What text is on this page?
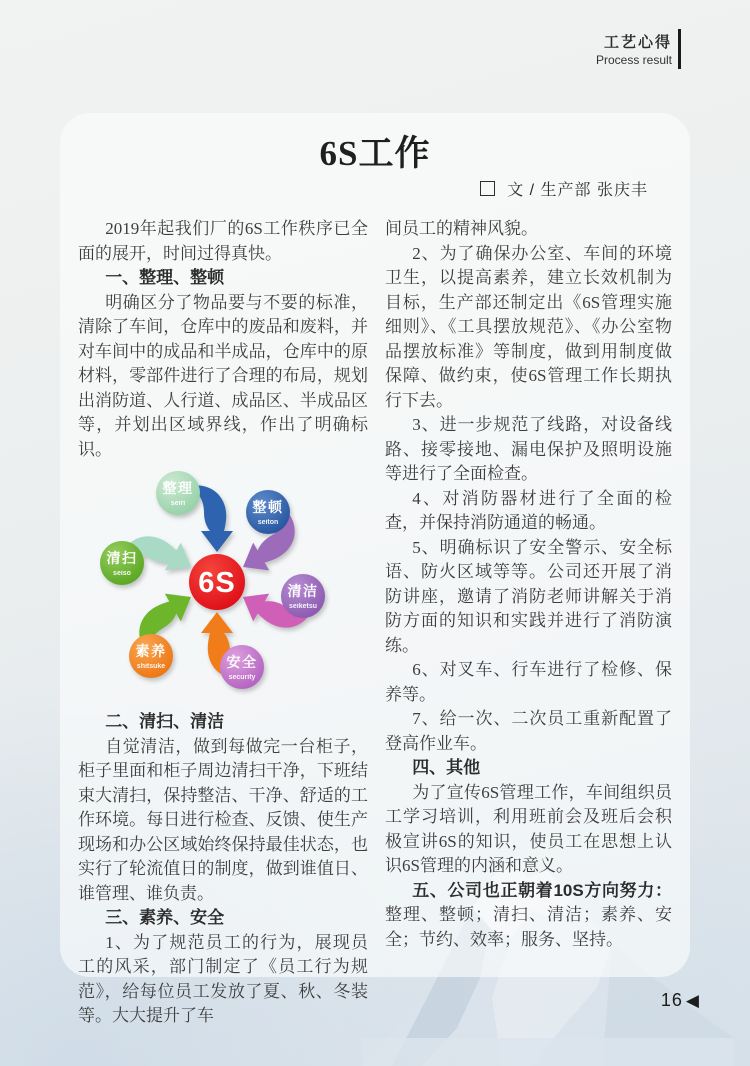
工艺心得
Process result
6S工作
文 / 生产部 张庆丰

2019年起我们厂的6S工作秩序已全面的展开，时间过得真快。

一、整理、整顿

明确区分了物品要与不要的标准，清除了车间，仓库中的废品和废料，并对车间中的成品和半成品，仓库中的原材料，零部件进行了合理的布局，规划出消防道、人行道、成品区、半成品区等，并划出区域界线，作出了明确标识。

整理
seiri	整顿
seiton
清扫
seiso
清洁
seiketsu
素养
shitsuke	安全
security
6S

二、清扫、清洁

自觉清洁，做到每做完一台柜子，柜子里面和柜子周边清扫干净，下班结束大清扫，保持整洁、干净、舒适的工作环境。每日进行检查、反馈、使生产现场和办公区域始终保持最佳状态，也实行了轮流值日的制度，做到谁值日、谁管理、谁负责。

三、素养、安全

1、为了规范员工的行为，展现员工的风采，部门制定了《员工行为规范》，给每位员工发放了夏、秋、冬装等。大大提升了车

间员工的精神风貌。

2、为了确保办公室、车间的环境卫生，以提高素养，建立长效机制为目标，生产部还制定出《6S管理实施细则》、《工具摆放规范》、《办公室物品摆放标准》等制度，做到用制度做保障、做约束，使6S管理工作长期执行下去。

3、进一步规范了线路，对设备线路、接零接地、漏电保护及照明设施等进行了全面检查。

4、对消防器材进行了全面的检查，并保持消防通道的畅通。

5、明确标识了安全警示、安全标语、防火区域等等。公司还开展了消防讲座，邀请了消防老师讲解关于消防方面的知识和实践并进行了消防演练。

6、对叉车、行车进行了检修、保养等。

7、给一次、二次员工重新配置了登高作业车。

四、其他

为了宣传6S管理工作，车间组织员工学习培训，利用班前会及班后会积极宣讲6S的知识，使员工在思想上认识6S管理的内涵和意义。

五、公司也正朝着10S方向努力：整理、整顿；清扫、清洁；素养、安全；节约、效率；服务、坚持。

16 ◀
